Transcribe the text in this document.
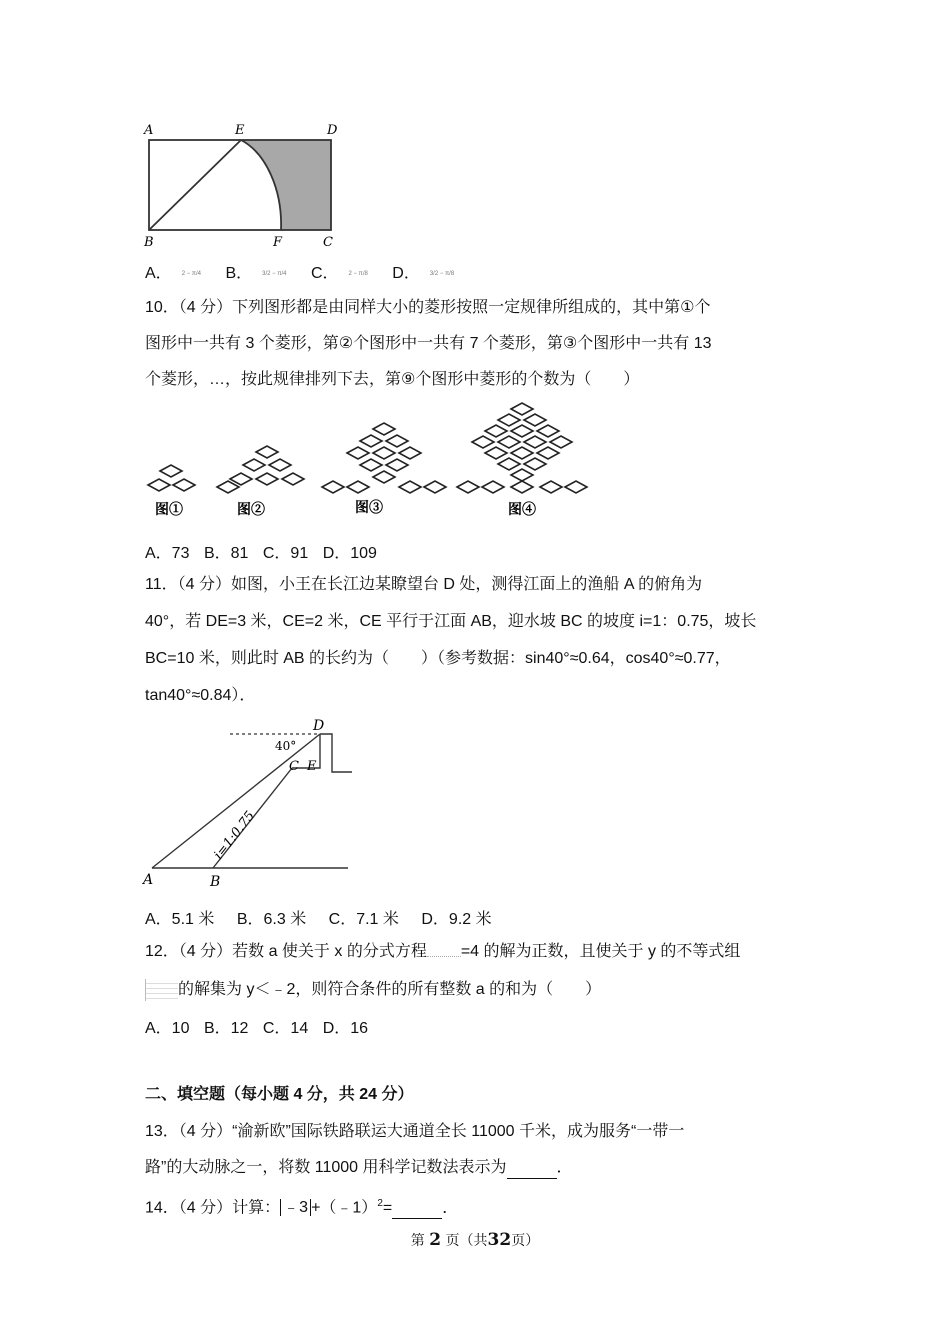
A	E	D
B	F	C
A． 2 − π/4 B． 3/2 − π/4 C． 2 − π/8 D． 3/2 − π/8
10．（4 分）下列图形都是由同样大小的菱形按照一定规律所组成的，其中第①个
图形中一共有 3 个菱形，第②个图形中一共有 7 个菱形，第③个图形中一共有 13
个菱形，…，按此规律排列下去，第⑨个图形中菱形的个数为（　　）
图①	图②	图③	图④
A．73 B．81 C．91 D．109
11．（4 分）如图，小王在长江边某瞭望台 D 处，测得江面上的渔船 A 的俯角为
40°，若 DE=3 米，CE=2 米，CE 平行于江面 AB，迎水坡 BC 的坡度 i=1：0.75，坡长
BC=10 米，则此时 AB 的长约为（　　）（参考数据：sin40°≈0.64，cos40°≈0.77，
tan40°≈0.84）．
D
40°
C E
i=1:0.75
A	B
A．5.1 米 B．6.3 米 C．7.1 米 D．9.2 米
12．（4 分）若数 a 使关于 x 的分式方程 =4 的解为正数，且使关于 y 的不等式组
的解集为 y＜﹣2，则符合条件的所有整数 a 的和为（　　）
A．10 B．12 C．14 D．16
二、填空题（每小题 4 分，共 24 分）
13．（4 分）“渝新欧”国际铁路联运大通道全长 11000 千米，成为服务“一带一
路”的大动脉之一，将数 11000 用科学记数法表示为	．
14．（4 分）计算： ﹣3 +（﹣1）$^2$=	．
第 2 页（共32页）
